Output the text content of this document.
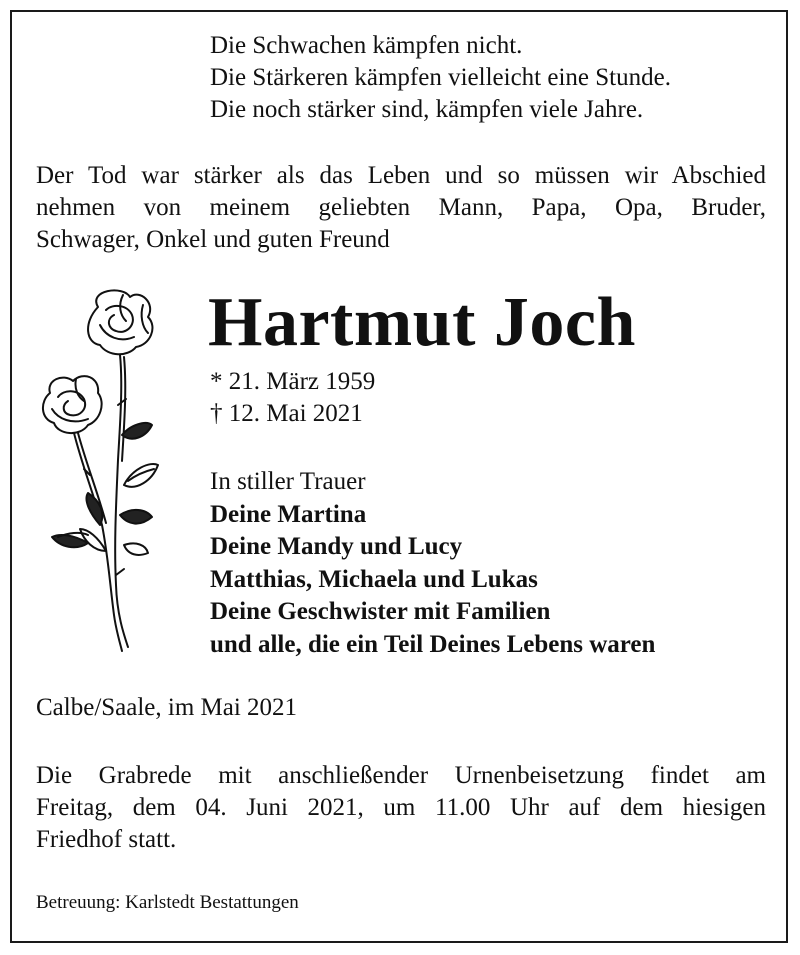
Die Schwachen kämpfen nicht.
Die Stärkeren kämpfen vielleicht eine Stunde.
Die noch stärker sind, kämpfen viele Jahre.
Der Tod war stärker als das Leben und so müssen wir Abschied
nehmen von meinem geliebten Mann, Papa, Opa, Bruder,
Schwager, Onkel und guten Freund
Hartmut Joch
* 21. März 1959
† 12. Mai 2021
In stiller Trauer
Deine Martina
Deine Mandy und Lucy
Matthias, Michaela und Lukas
Deine Geschwister mit Familien
und alle, die ein Teil Deines Lebens waren
Calbe/Saale, im Mai 2021
Die Grabrede mit anschließender Urnenbeisetzung findet am
Freitag, dem 04. Juni 2021, um 11.00 Uhr auf dem hiesigen
Friedhof statt.
Betreuung: Karlstedt Bestattungen
